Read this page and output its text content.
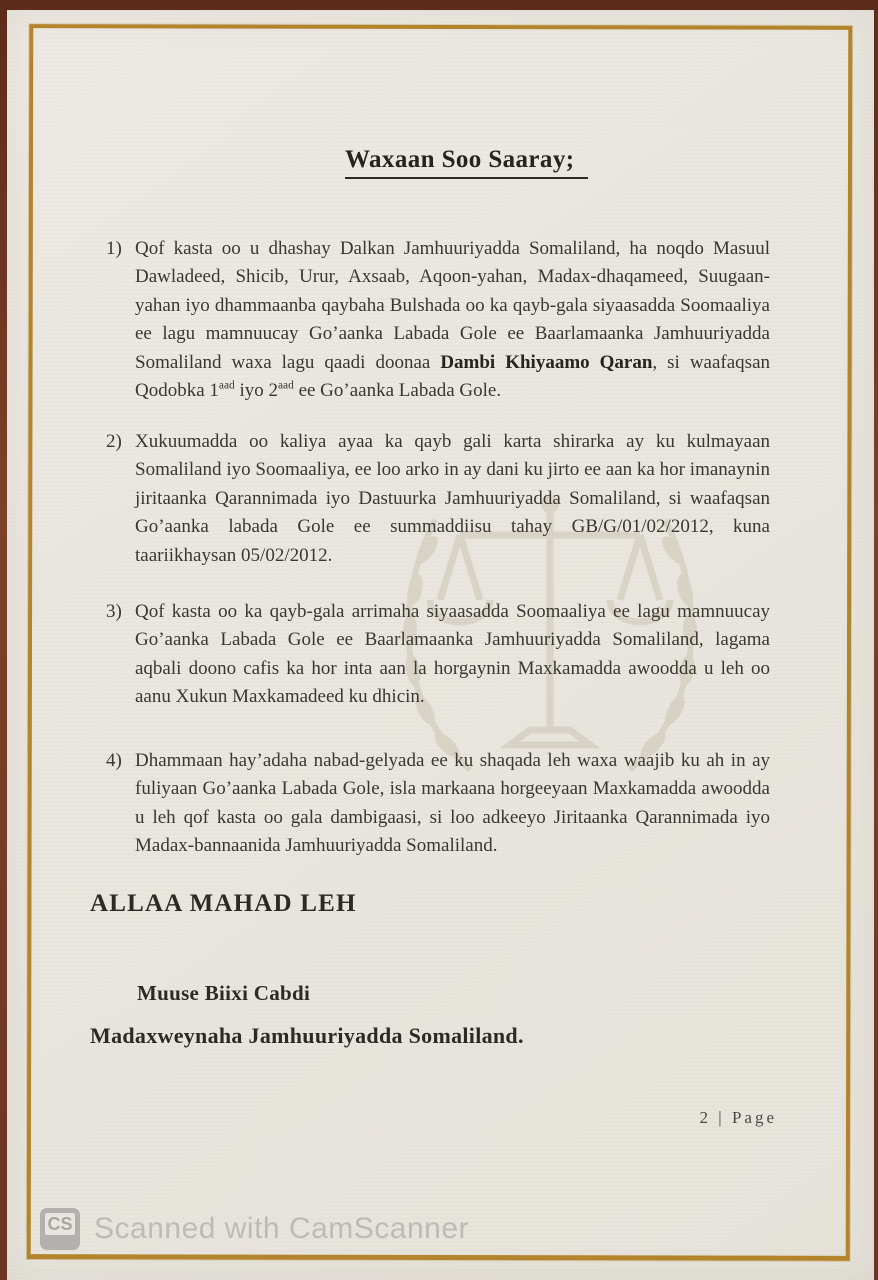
Waxaan Soo Saaray;
1) Qof kasta oo u dhashay Dalkan Jamhuuriyadda Somaliland, ha noqdo Masuul Dawladeed, Shicib, Urur, Axsaab, Aqoon-yahan, Madax-dhaqameed, Suugaan-yahan iyo dhammaanba qaybaha Bulshada oo ka qayb-gala siyaasadda Soomaaliya ee lagu mamnuucay Go’aanka Labada Gole ee Baarlamaanka Jamhuuriyadda Somaliland waxa lagu qaadi doonaa Dambi Khiyaamo Qaran, si waafaqsan Qodobka $1^{aad}$ iyo $2^{aad}$ ee Go’aanka Labada Gole.
2) Xukuumadda oo kaliya ayaa ka qayb gali karta shirarka ay ku kulmayaan Somaliland iyo Soomaaliya, ee loo arko in ay dani ku jirto ee aan ka hor imanaynin jiritaanka Qarannimada iyo Dastuurka Jamhuuriyadda Somaliland, si waafaqsan Go’aanka labada Gole ee summaddiisu tahay GB/G/01/02/2012, kuna taariikhaysan 05/02/2012.
3) Qof kasta oo ka qayb-gala arrimaha siyaasadda Soomaaliya ee lagu mamnuucay Go’aanka Labada Gole ee Baarlamaanka Jamhuuriyadda Somaliland, lagama aqbali doono cafis ka hor inta aan la horgaynin Maxkamadda awoodda u leh oo aanu Xukun Maxkamadeed ku dhicin.
4) Dhammaan hay’adaha nabad-gelyada ee ku shaqada leh waxa waajib ku ah in ay fuliyaan Go’aanka Labada Gole, isla markaana horgeeyaan Maxkamadda awoodda u leh qof kasta oo gala dambigaasi, si loo adkeeyo Jiritaanka Qarannimada iyo Madax-bannaanida Jamhuuriyadda Somaliland.
ALLAA MAHAD LEH
Muuse Biixi Cabdi
Madaxweynaha Jamhuuriyadda Somaliland.
2 | Page
CS Scanned with CamScanner
